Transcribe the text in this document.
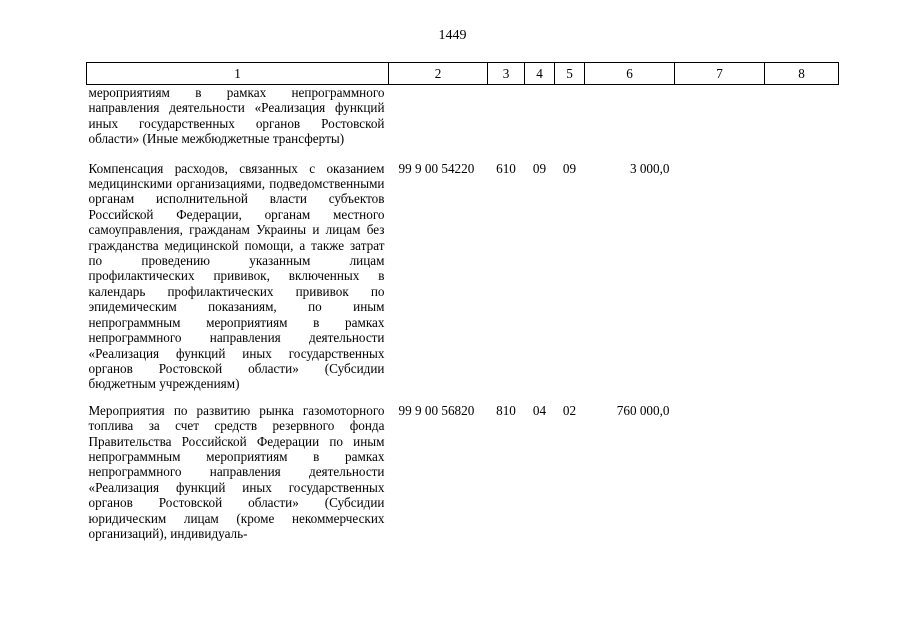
1449
1	2	3	4	5	6	7	8
мероприятиям в рамках непрограммного направления деятельности «Реализация функций иных государственных органов Ростовской области» (Иные межбюджетные трансферты)							
Компенсация расходов, связанных с оказанием медицинскими организациями, подведомственными органам исполнительной власти субъектов Российской Федерации, органам местного самоуправления, гражданам Украины и лицам без гражданства медицинской помощи, а также затрат по проведению указанным лицам профилактических прививок, включенных в календарь профилактических прививок по эпидемическим показаниям, по иным непрограммным мероприятиям в рамках непрограммного направления деятельности «Реализация функций иных государственных органов Ростовской области» (Субсидии бюджетным учреждениям)	99 9 00 54220	610	09	09	3 000,0		
Мероприятия по развитию рынка газомоторного топлива за счет средств резервного фонда Правительства Российской Федерации по иным непрограммным мероприятиям в рамках непрограммного направления деятельности «Реализация функций иных государственных органов Ростовской области» (Субсидии юридическим лицам (кроме некоммерческих организаций), индивидуаль-	99 9 00 56820	810	04	02	760 000,0		
